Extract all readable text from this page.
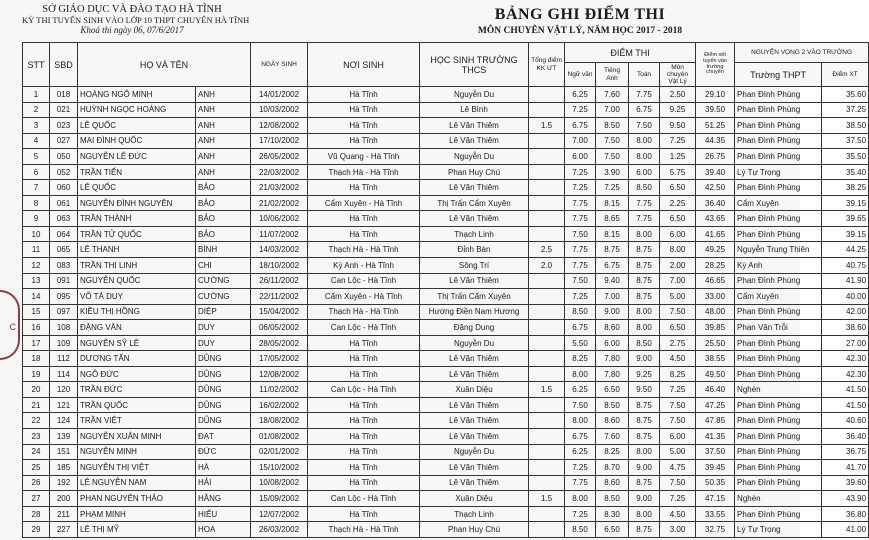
SỞ GIÁO DỤC VÀ ĐÀO TẠO HÀ TĨNH
KỲ THI TUYỂN SINH VÀO LỚP 10 THPT CHUYÊN HÀ TĨNH
Khoá thi ngày 06, 07/6/2017
BẢNG GHI ĐIỂM THI
MÔN CHUYÊN VẬT LÝ, NĂM HỌC 2017 - 2018
STT	SBD	HỌ VÀ TÊN		NGÀY SINH	NƠI SINH	HỌC SINH TRƯỜNG THCS	Tổng điểm KK ƯT	ĐIỂM THI				Điểm xét tuyển vào trường chuyên	NGUYỆN VỌNG 2 VÀO TRƯỜNG	
								Ngữ văn	Tiếng Anh	Toán	Môn chuyên Vật Lý		Trường THPT	Điểm XT
1	018	HOÀNG NGÔ MINH	ANH	14/01/2002	Hà Tĩnh	Nguyễn Du		6.25	7.60	7.75	2.50	29.10	Phan Đình Phùng	35.60
2	021	HUỲNH NGỌC HOÀNG	ANH	10/03/2002	Hà Tĩnh	Lê Bình		7.25	7.00	6.75	9.25	39.50	Phan Đình Phùng	37.25
3	023	LÊ QUỐC	ANH	12/08/2002	Hà Tĩnh	Lê Văn Thiêm	1.5	6.75	8.50	7.50	9.50	51.25	Phan Đình Phùng	38.50
4	027	MAI ĐÌNH QUỐC	ANH	17/10/2002	Hà Tĩnh	Lê Văn Thiêm		7.00	7.50	8.00	7.25	44.35	Phan Đình Phùng	37.50
5	050	NGUYỄN LÊ ĐỨC	ANH	26/05/2002	Vũ Quang - Hà Tĩnh	Nguyễn Du		6.00	7.50	8.00	1.25	26.75	Phan Đình Phùng	35.50
6	052	TRẦN TIẾN	ANH	22/03/2002	Thạch Hà - Hà Tĩnh	Phan Huy Chú		7.25	3.90	6.00	5.75	39.40	Lý Tự Trọng	35.40
7	060	LÊ QUỐC	BẢO	21/03/2002	Hà Tĩnh	Lê Văn Thiêm		7.25	7.25	8.50	6.50	42.50	Phan Đình Phùng	38.25
8	061	NGUYỄN ĐÌNH NGUYÊN	BẢO	21/02/2002	Cẩm Xuyên - Hà Tĩnh	Thị Trấn Cẩm Xuyên		7.75	8.15	7.75	2.25	36.40	Cẩm Xuyên	39.15
9	063	TRẦN THÀNH	BẢO	10/06/2002	Hà Tĩnh	Lê Văn Thiêm		7.75	8.65	7.75	6.50	43.65	Phan Đình Phùng	39.65
10	064	TRẦN TỬ QUỐC	BẢO	11/07/2002	Hà Tĩnh	Thạch Linh		7.50	8.15	8.00	6.00	41.65	Phan Đình Phùng	39.15
11	065	LÊ THANH	BÌNH	14/03/2002	Thạch Hà - Hà Tĩnh	Đỉnh Bàn	2.5	7.75	8.75	8.75	8.00	49.25	Nguyễn Trung Thiên	44.25
12	083	TRẦN THỊ LINH	CHI	18/10/2002	Kỳ Anh - Hà Tĩnh	Sông Trí	2.0	7.75	6.75	8.75	2.00	28.25	Kỳ Anh	40.75
13	091	NGUYỄN QUỐC	CƯỜNG	26/11/2002	Can Lộc - Hà Tĩnh	Lê Văn Thiêm		7.50	9.40	8.75	7.00	46.65	Phan Đình Phùng	41.90
14	095	VÕ TÁ DUY	CƯỜNG	22/11/2002	Cẩm Xuyên - Hà Tĩnh	Thị Trấn Cẩm Xuyên		7.25	7.00	8.75	5.00	33.00	Cẩm Xuyên	40.00
15	097	KIỀU THỊ HỒNG	DIỆP	15/04/2002	Thạch Hà - Hà Tĩnh	Hương Điền Nam Hương		8.50	9.00	8.00	7.50	48.00	Phan Đình Phùng	42.00
16	108	ĐẶNG VĂN	DUY	06/05/2002	Can Lộc - Hà Tĩnh	Đặng Dung		6.75	8.60	8.00	6.50	39.85	Phan Văn Trỗi	38.60
17	109	NGUYỄN SỸ LÊ	DUY	28/05/2002	Hà Tĩnh	Nguyễn Du		5.50	6.00	8.50	2.75	25.50	Phan Đình Phùng	27.00
18	112	DƯƠNG TẤN	DŨNG	17/05/2002	Hà Tĩnh	Lê Văn Thiêm		8.25	7.80	9.00	4.50	38.55	Phan Đình Phùng	42.30
19	114	NGÔ ĐỨC	DŨNG	12/08/2002	Hà Tĩnh	Lê Văn Thiêm		8.00	7.80	9.25	8.25	49.50	Phan Đình Phùng	42.30
20	120	TRẦN ĐỨC	DŨNG	11/02/2002	Can Lộc - Hà Tĩnh	Xuân Diệu	1.5	6.25	6.50	9.50	7.25	46.40	Nghèn	41.50
21	121	TRẦN QUỐC	DŨNG	16/02/2002	Hà Tĩnh	Lê Văn Thiêm		7.50	8.50	8.75	7.50	47.25	Phan Đình Phùng	41.50
22	124	TRẦN VIỆT	DŨNG	18/08/2002	Hà Tĩnh	Lê Văn Thiêm		8.00	8.60	8.75	7.50	47.85	Phan Đình Phùng	40.60
23	139	NGUYỄN XUÂN MINH	ĐẠT	01/08/2002	Hà Tĩnh	Lê Văn Thiêm		6.75	7.60	8.75	6.00	41.35	Phan Đình Phùng	36.40
24	151	NGUYỄN MINH	ĐỨC	02/01/2002	Hà Tĩnh	Nguyễn Du		6.25	8.25	8.00	5.00	37.50	Phan Đình Phùng	36.75
25	185	NGUYỄN THỊ VIỆT	HÀ	15/10/2002	Hà Tĩnh	Lê Văn Thiêm		7.25	8.70	9.00	4.75	39.45	Phan Đình Phùng	41.70
26	192	LÊ NGUYỄN NAM	HẢI	10/08/2002	Hà Tĩnh	Lê Văn Thiêm		7.75	8.60	8.75	7.50	50.35	Phan Đình Phùng	39.60
27	200	PHAN NGUYỄN THẢO	HẰNG	15/09/2002	Can Lộc - Hà Tĩnh	Xuân Diệu	1.5	8.00	8.50	9.00	7.25	47.15	Nghèn	43.90
28	211	PHẠM MINH	HIẾU	12/07/2002	Hà Tĩnh	Thạch Linh		7.25	8.30	8.00	4.50	33.55	Phan Đình Phùng	36.80
29	227	LÊ THỊ MỸ	HOA	26/03/2002	Thạch Hà - Hà Tĩnh	Phan Huy Chú		8.50	6.50	8.75	3.00	32.75	Lý Tự Trọng	41.00
C
